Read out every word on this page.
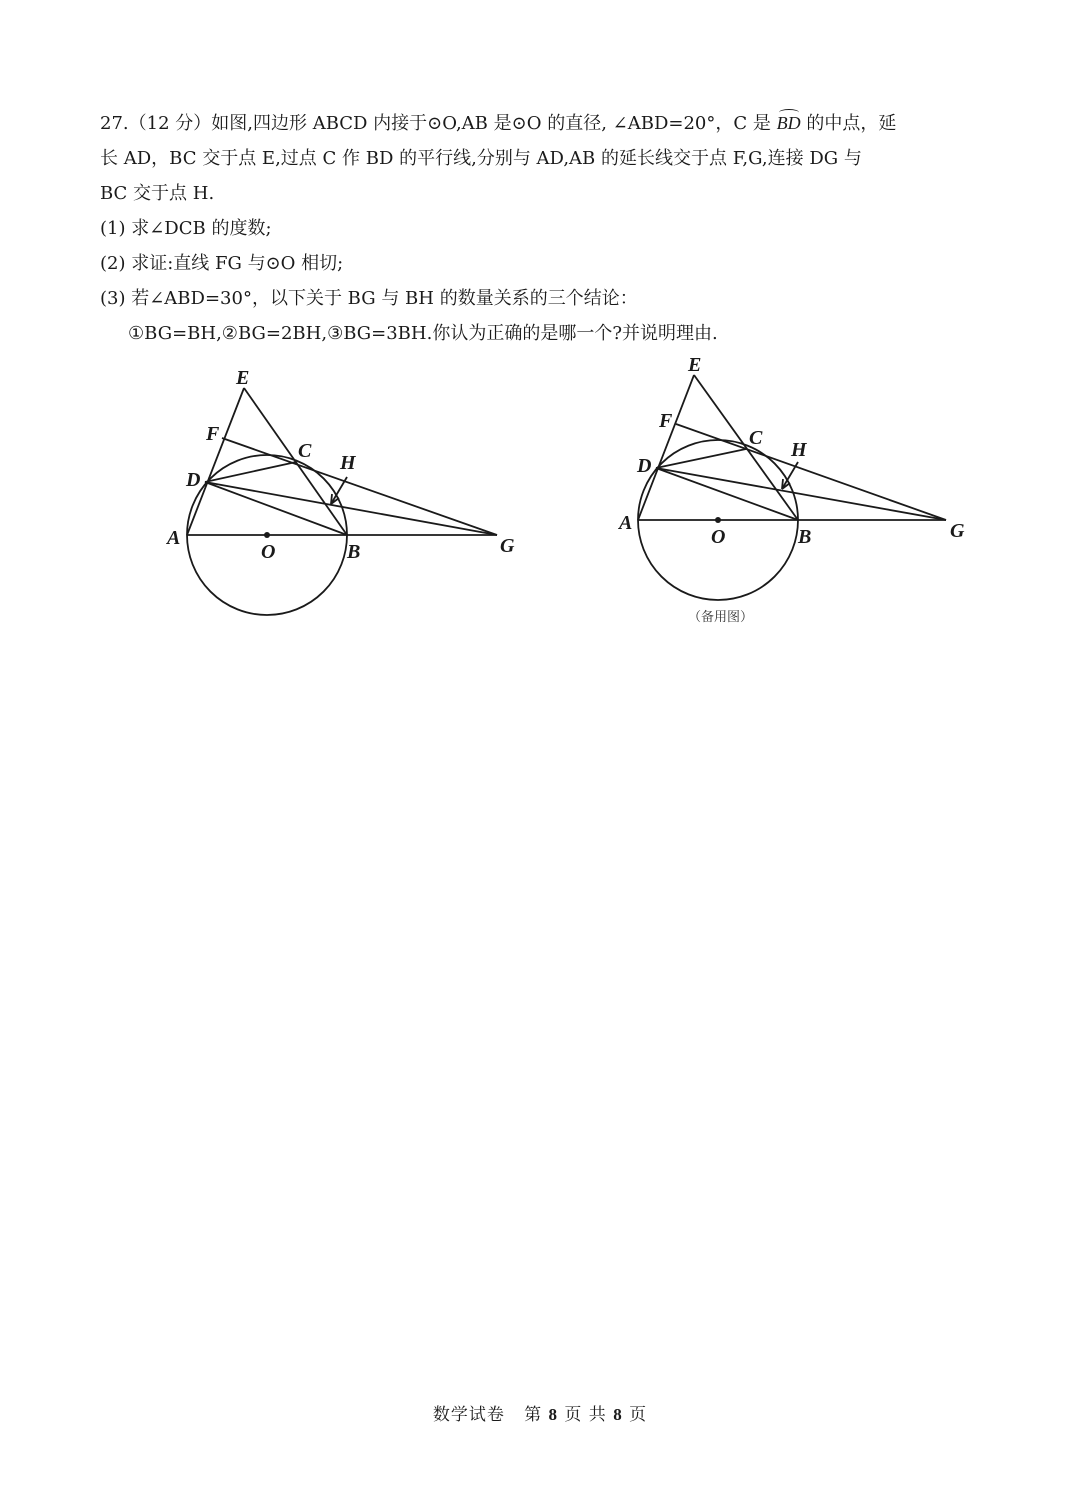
27.（12 分）如图,四边形 ABCD 内接于⊙O,AB 是⊙O 的直径, ∠ABD=20°，C 是 BD 的中点，延
长 AD，BC 交于点 E,过点 C 作 BD 的平行线,分别与 AD,AB 的延长线交于点 F,G,连接 DG 与
BC 交于点 H.
(1) 求∠DCB 的度数;
(2) 求证:直线 FG 与⊙O 相切;
(3) 若∠ABD=30°，以下关于 BG 与 BH 的数量关系的三个结论：
①BG=BH,②BG=2BH,③BG=3BH.你认为正确的是哪一个?并说明理由.
E
F
C
H
D
A
O	B	G
E
F
C
H
D
A
O	B	G
（备用图）
数学试卷 第 8 页 共 8 页
